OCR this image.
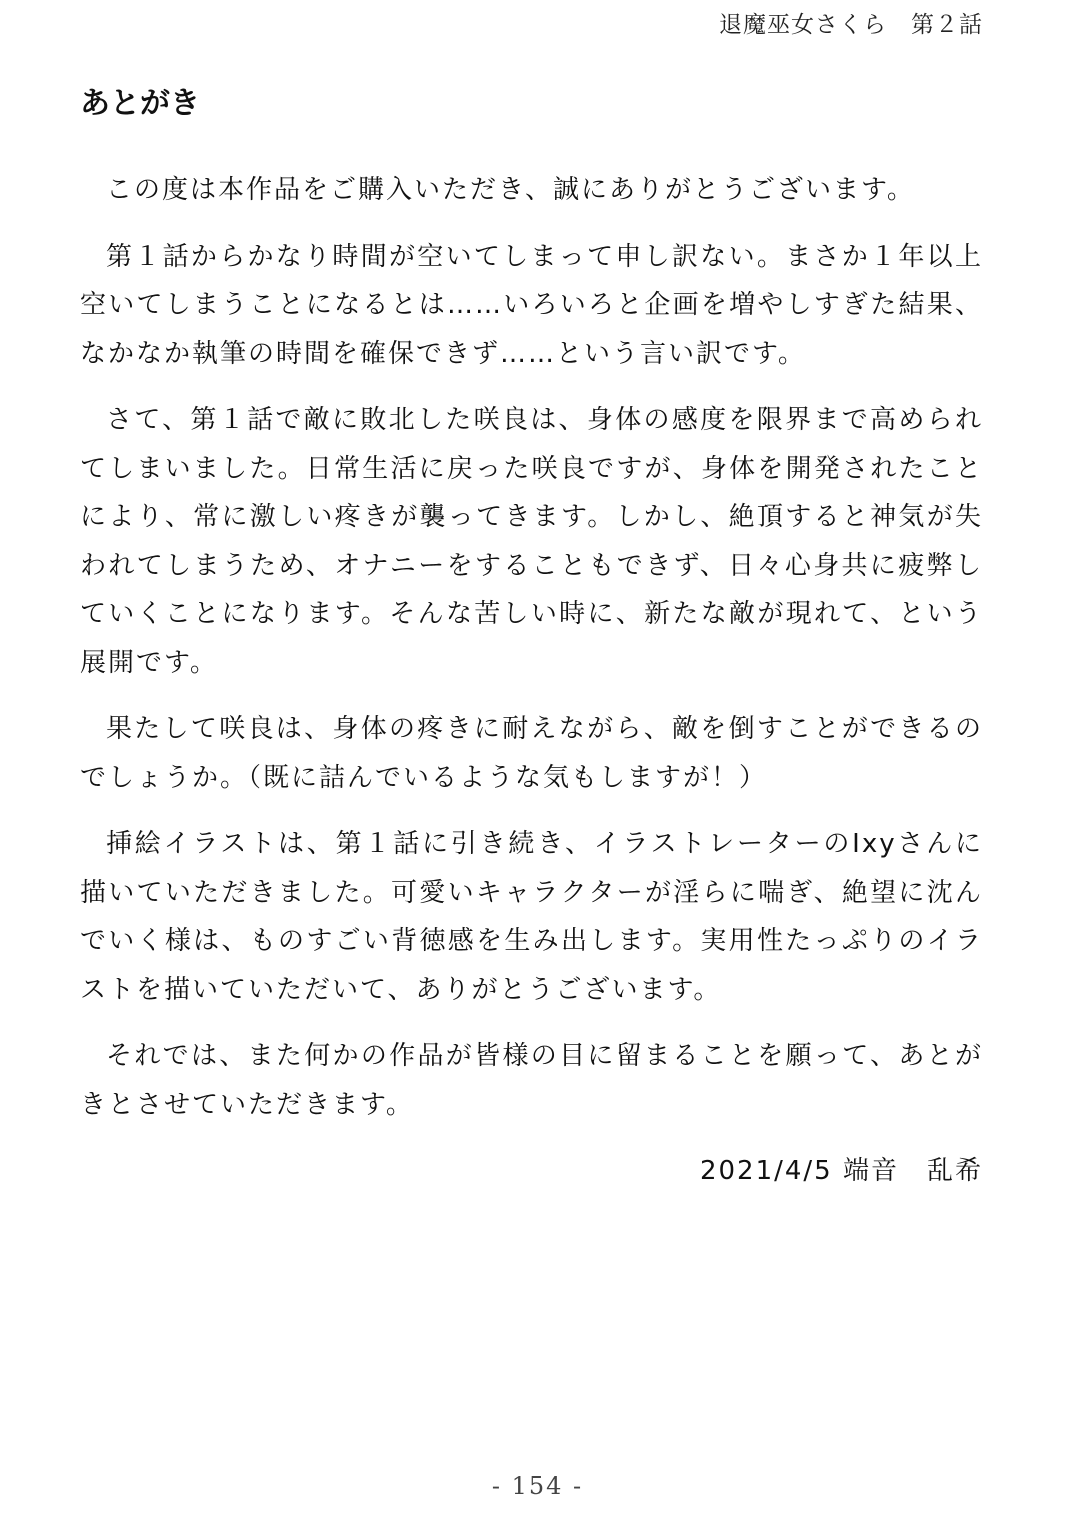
退魔巫女さくら　第２話
あとがき

この度は本作品をご購入いただき、誠にありがとうございます。

第１話からかなり時間が空いてしまって申し訳ない。まさか１年以上空いてしまうことになるとは……いろいろと企画を増やしすぎた結果、なかなか執筆の時間を確保できず……という言い訳です。

さて、第１話で敵に敗北した咲良は、身体の感度を限界まで高められてしまいました。日常生活に戻った咲良ですが、身体を開発されたことにより、常に激しい疼きが襲ってきます。しかし、絶頂すると神気が失われてしまうため、オナニーをすることもできず、日々心身共に疲弊していくことになります。そんな苦しい時に、新たな敵が現れて、という展開です。

果たして咲良は、身体の疼きに耐えながら、敵を倒すことができるのでしょうか。（既に詰んでいるような気もしますが！）

挿絵イラストは、第１話に引き続き、イラストレーターのIxyさんに描いていただきました。可愛いキャラクターが淫らに喘ぎ、絶望に沈んでいく様は、ものすごい背徳感を生み出します。実用性たっぷりのイラストを描いていただいて、ありがとうございます。

それでは、また何かの作品が皆様の目に留まることを願って、あとがきとさせていただきます。

2021/4/5 端音　乱希
- 154 -
